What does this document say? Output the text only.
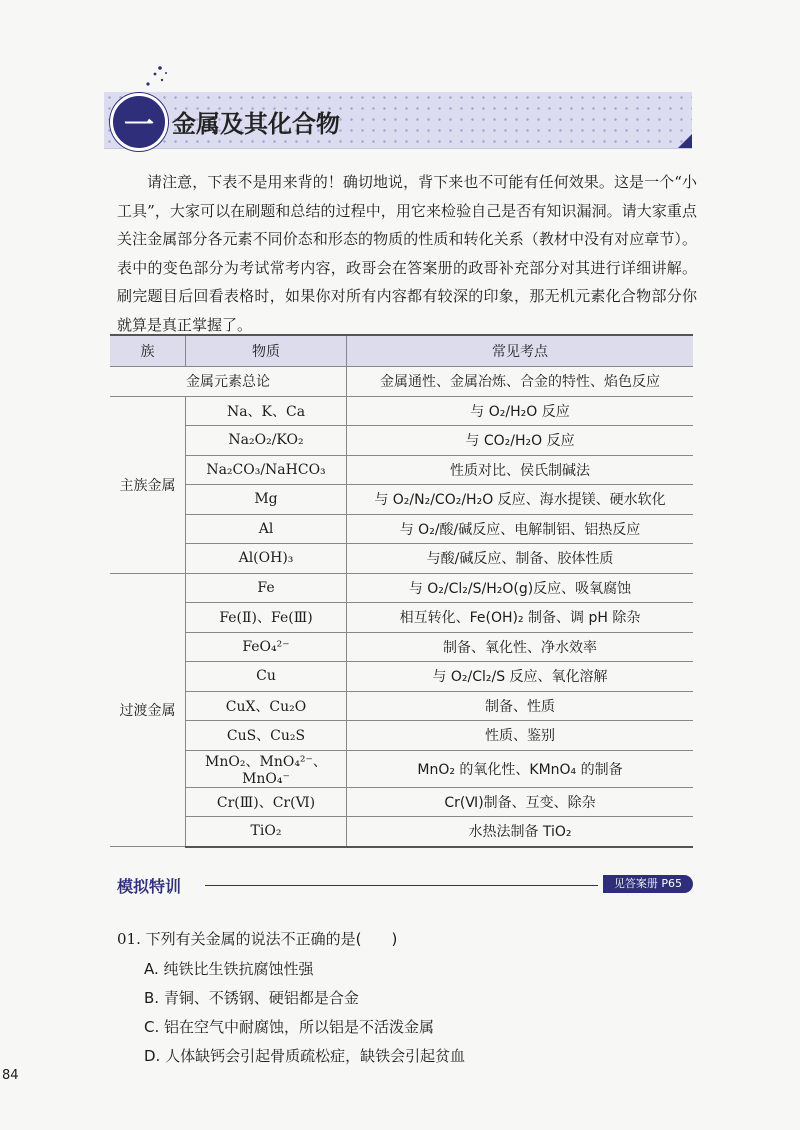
一 金属及其化合物
请注意，下表不是用来背的！确切地说，背下来也不可能有任何效果。这是一个“小工具”，大家可以在刷题和总结的过程中，用它来检验自己是否有知识漏洞。请大家重点关注金属部分各元素不同价态和形态的物质的性质和转化关系（教材中没有对应章节）。表中的变色部分为考试常考内容，政哥会在答案册的政哥补充部分对其进行详细讲解。刷完题目后回看表格时，如果你对所有内容都有较深的印象，那无机元素化合物部分你就算是真正掌握了。
族	物质	常见考点
金属元素总论		金属通性、金属冶炼、合金的特性、焰色反应
主族金属	Na、K、Ca	与 O₂/H₂O 反应
	Na₂O₂/KO₂	与 CO₂/H₂O 反应
	Na₂CO₃/NaHCO₃	性质对比、侯氏制碱法
	Mg	与 O₂/N₂/CO₂/H₂O 反应、海水提镁、硬水软化
	Al	与 O₂/酸/碱反应、电解制铝、铝热反应
	Al(OH)₃	与酸/碱反应、制备、胶体性质
过渡金属	Fe	与 O₂/Cl₂/S/H₂O(g)反应、吸氧腐蚀
	Fe(Ⅱ)、Fe(Ⅲ)	相互转化、Fe(OH)₂ 制备、调 pH 除杂
	FeO₄²⁻	制备、氧化性、净水效率
	Cu	与 O₂/Cl₂/S 反应、氧化溶解
	CuX、Cu₂O	制备、性质
	CuS、Cu₂S	性质、鉴别
	MnO₂、MnO₄²⁻、MnO₄⁻	MnO₂ 的氧化性、KMnO₄ 的制备
	Cr(Ⅲ)、Cr(Ⅵ)	Cr(Ⅵ)制备、互变、除杂
	TiO₂	水热法制备 TiO₂
模拟特训	见答案册 P65
01. 下列有关金属的说法不正确的是(　　)
A. 纯铁比生铁抗腐蚀性强
B. 青铜、不锈钢、硬铝都是合金
C. 铝在空气中耐腐蚀，所以铝是不活泼金属
D. 人体缺钙会引起骨质疏松症，缺铁会引起贫血
84
